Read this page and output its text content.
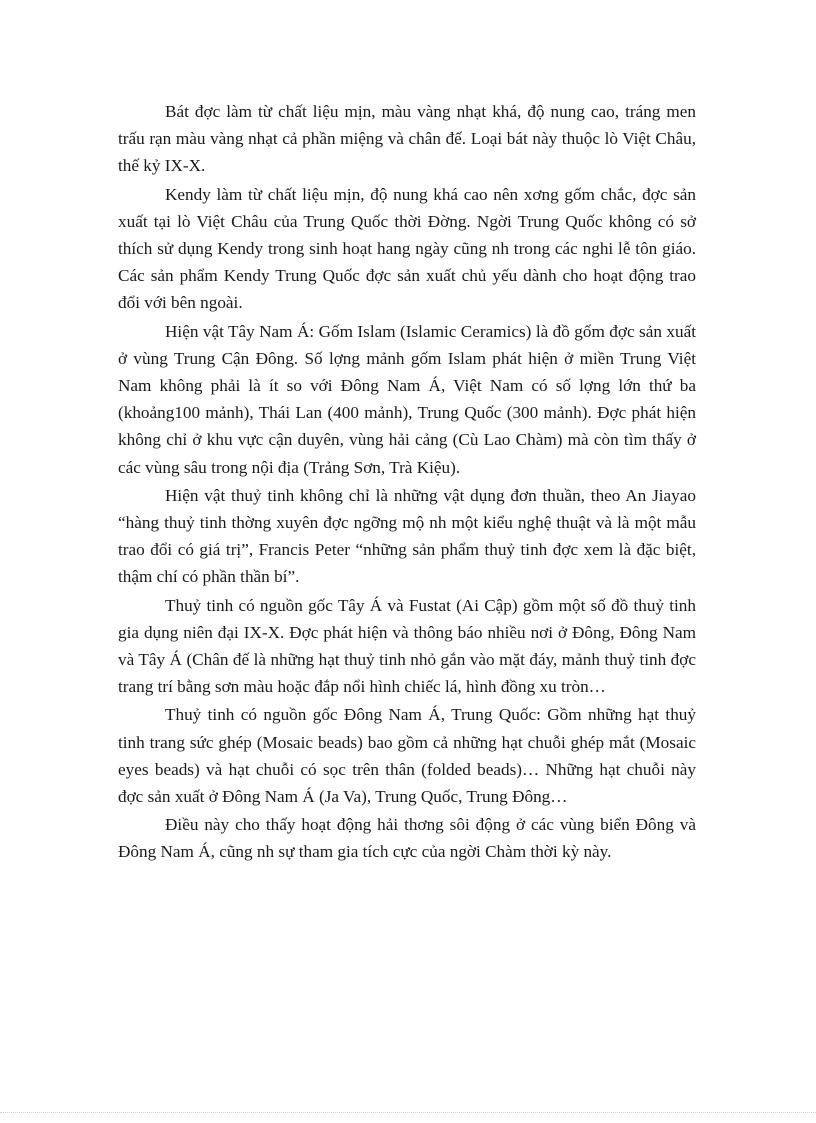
Bát đợc làm từ chất liệu mịn, màu vàng nhạt khá, độ nung cao, tráng men trấu rạn màu vàng nhạt cả phần miệng và chân đế. Loại bát này thuộc lò Việt Châu, thế kỷ IX-X.

Kendy làm từ chất liệu mịn, độ nung khá cao nên xơng gốm chắc, đợc sản xuất tại lò Việt Châu của Trung Quốc thời Đờng. Ngời Trung Quốc không có sở thích sử dụng Kendy trong sinh hoạt hang ngày cũng nh trong các nghi lễ tôn giáo. Các sản phẩm Kendy Trung Quốc đợc sản xuất chủ yếu dành cho hoạt động trao đổi với bên ngoài.

Hiện vật Tây Nam Á: Gốm Islam (Islamic Ceramics) là đồ gốm đợc sản xuất ở vùng Trung Cận Đông. Số lợng mảnh gốm Islam phát hiện ở miền Trung Việt Nam không phải là ít so với Đông Nam Á, Việt Nam có số lợng lớn thứ ba (khoảng100 mảnh), Thái Lan (400 mảnh), Trung Quốc (300 mảnh). Đợc phát hiện không chỉ ở khu vực cận duyên, vùng hải cảng (Cù Lao Chàm) mà còn tìm thấy ở các vùng sâu trong nội địa (Trảng Sơn, Trà Kiệu).

Hiện vật thuỷ tinh không chỉ là những vật dụng đơn thuần, theo An Jiayao “hàng thuỷ tinh thờng xuyên đợc ngỡng mộ nh một kiểu nghệ thuật và là một mẫu trao đổi có giá trị”, Francis Peter “những sản phẩm thuỷ tinh đợc xem là đặc biệt, thậm chí có phần thần bí”.

Thuỷ tinh có nguồn gốc Tây Á và Fustat (Ai Cập) gồm một số đồ thuỷ tinh gia dụng niên đại IX-X. Đợc phát hiện và thông báo nhiều nơi ở Đông, Đông Nam và Tây Á (Chân đế là những hạt thuỷ tinh nhỏ gắn vào mặt đáy, mảnh thuỷ tinh đợc trang trí bằng sơn màu hoặc đắp nổi hình chiếc lá, hình đồng xu tròn…

Thuỷ tinh có nguồn gốc Đông Nam Á, Trung Quốc: Gồm những hạt thuỷ tinh trang sức ghép (Mosaic beads) bao gồm cả những hạt chuỗi ghép mắt (Mosaic eyes beads) và hạt chuỗi có sọc trên thân (folded beads)… Những hạt chuỗi này đợc sản xuất ở Đông Nam Á (Ja Va), Trung Quốc, Trung Đông…

Điều này cho thấy hoạt động hải thơng sôi động ở các vùng biển Đông và Đông Nam Á, cũng nh sự tham gia tích cực của ngời Chàm thời kỳ này.
